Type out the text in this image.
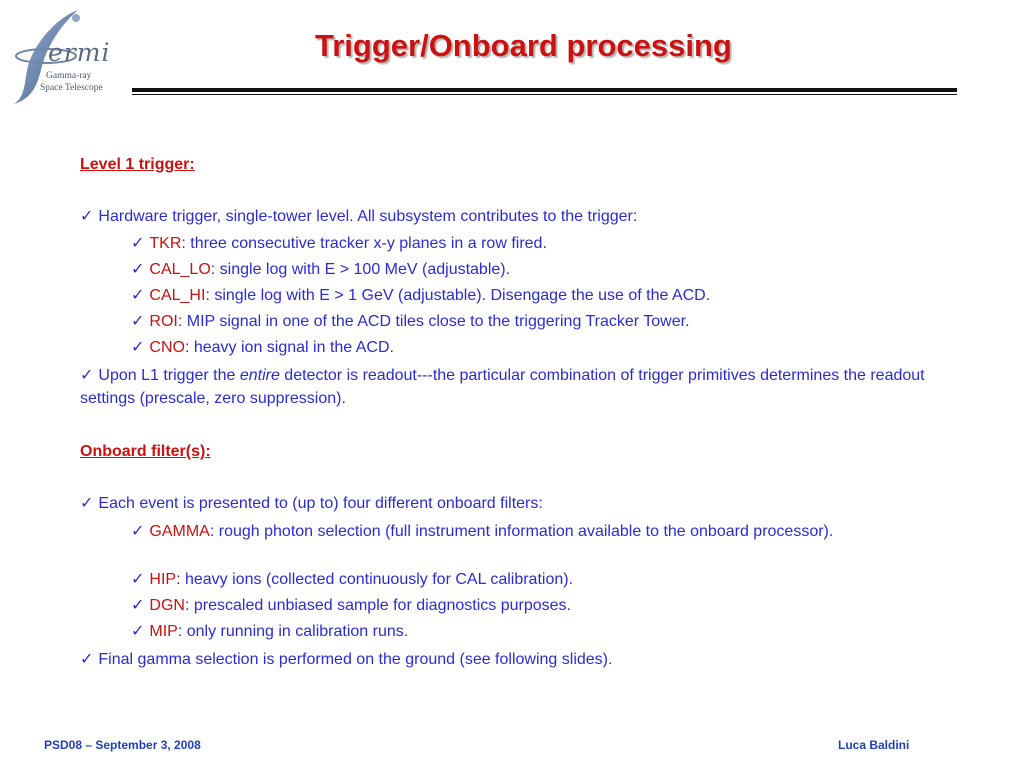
ermi
Gamma-ray
Space Telescope
Trigger/Onboard processing
Level 1 trigger:
✓ Hardware trigger, single-tower level. All subsystem contributes to the trigger:
✓ TKR: three consecutive tracker x-y planes in a row fired.
✓ CAL_LO: single log with E > 100 MeV (adjustable).
✓ CAL_HI: single log with E > 1 GeV (adjustable). Disengage the use of the ACD.
✓ ROI: MIP signal in one of the ACD tiles close to the triggering Tracker Tower.
✓ CNO: heavy ion signal in the ACD.
✓ Upon L1 trigger the entire detector is readout---the particular combination of trigger primitives determines the readout settings (prescale, zero suppression).
Onboard filter(s):
✓ Each event is presented to (up to) four different onboard filters:
✓ GAMMA: rough photon selection (full instrument information available to the onboard processor).
✓ HIP: heavy ions (collected continuously for CAL calibration).
✓ DGN: prescaled unbiased sample for diagnostics purposes.
✓ MIP: only running in calibration runs.
✓ Final gamma selection is performed on the ground (see following slides).
PSD08 – September 3, 2008	Luca Baldini
